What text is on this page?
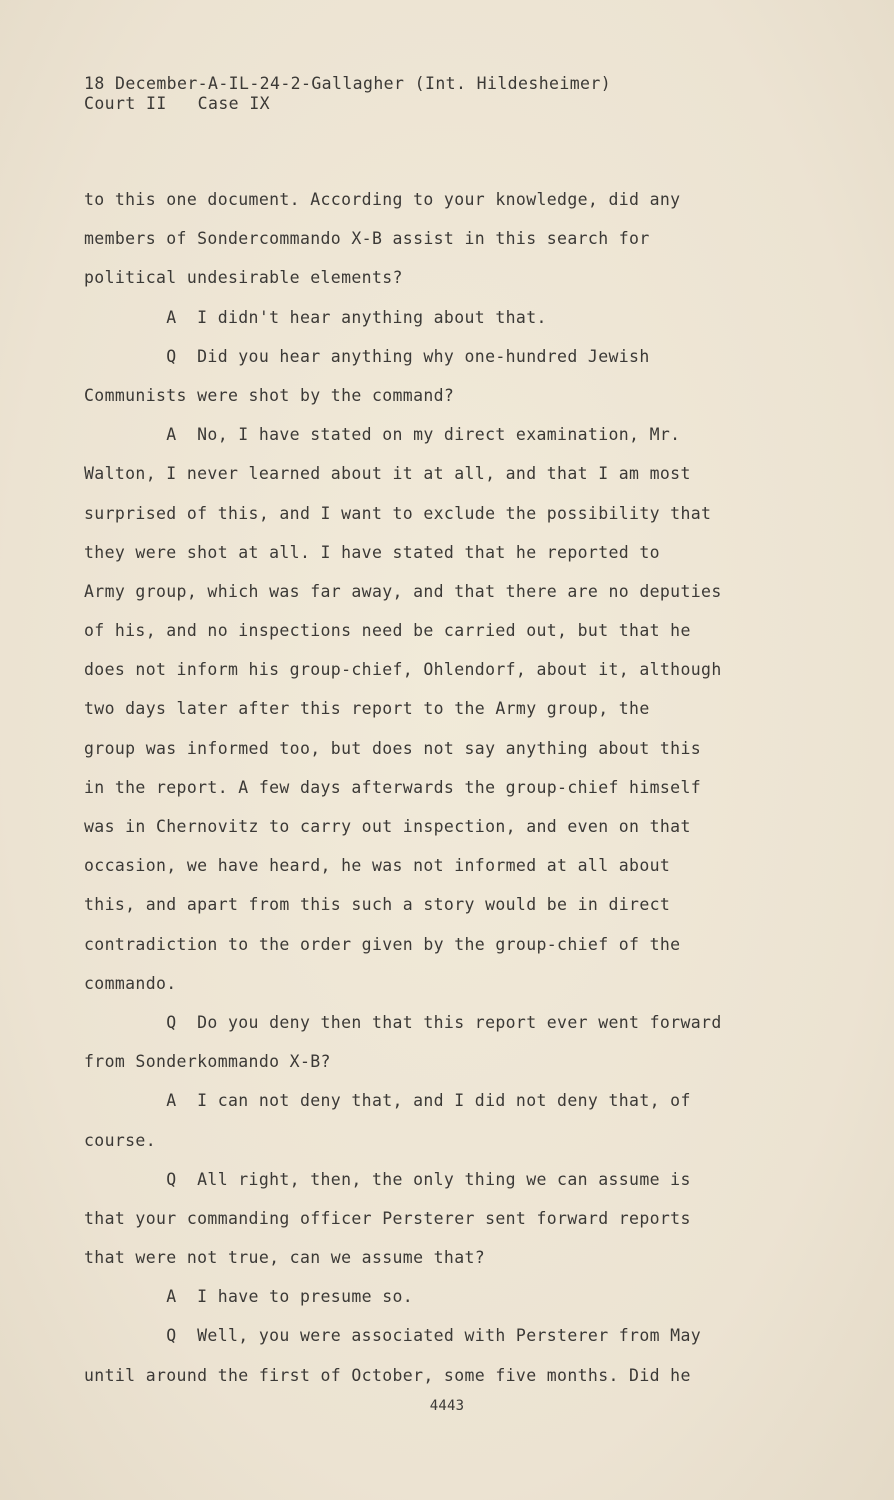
18 December-A-IL-24-2-Gallagher (Int. Hildesheimer)
Court II   Case IX
to this one document. According to your knowledge, did any
members of Sondercommando X-B assist in this search for
political undesirable elements?
A  I didn't hear anything about that.
Q  Did you hear anything why one-hundred Jewish
Communists were shot by the command?
A  No, I have stated on my direct examination, Mr.
Walton, I never learned about it at all, and that I am most
surprised of this, and I want to exclude the possibility that
they were shot at all. I have stated that he reported to
Army group, which was far away, and that there are no deputies
of his, and no inspections need be carried out, but that he
does not inform his group-chief, Ohlendorf, about it, although
two days later after this report to the Army group, the
group was informed too, but does not say anything about this
in the report. A few days afterwards the group-chief himself
was in Chernovitz to carry out inspection, and even on that
occasion, we have heard, he was not informed at all about
this, and apart from this such a story would be in direct
contradiction to the order given by the group-chief of the
commando.
Q  Do you deny then that this report ever went forward
from Sonderkommando X-B?
A  I can not deny that, and I did not deny that, of
course.
Q  All right, then, the only thing we can assume is
that your commanding officer Persterer sent forward reports
that were not true, can we assume that?
A  I have to presume so.
Q  Well, you were associated with Persterer from May
until around the first of October, some five months. Did he
4443
